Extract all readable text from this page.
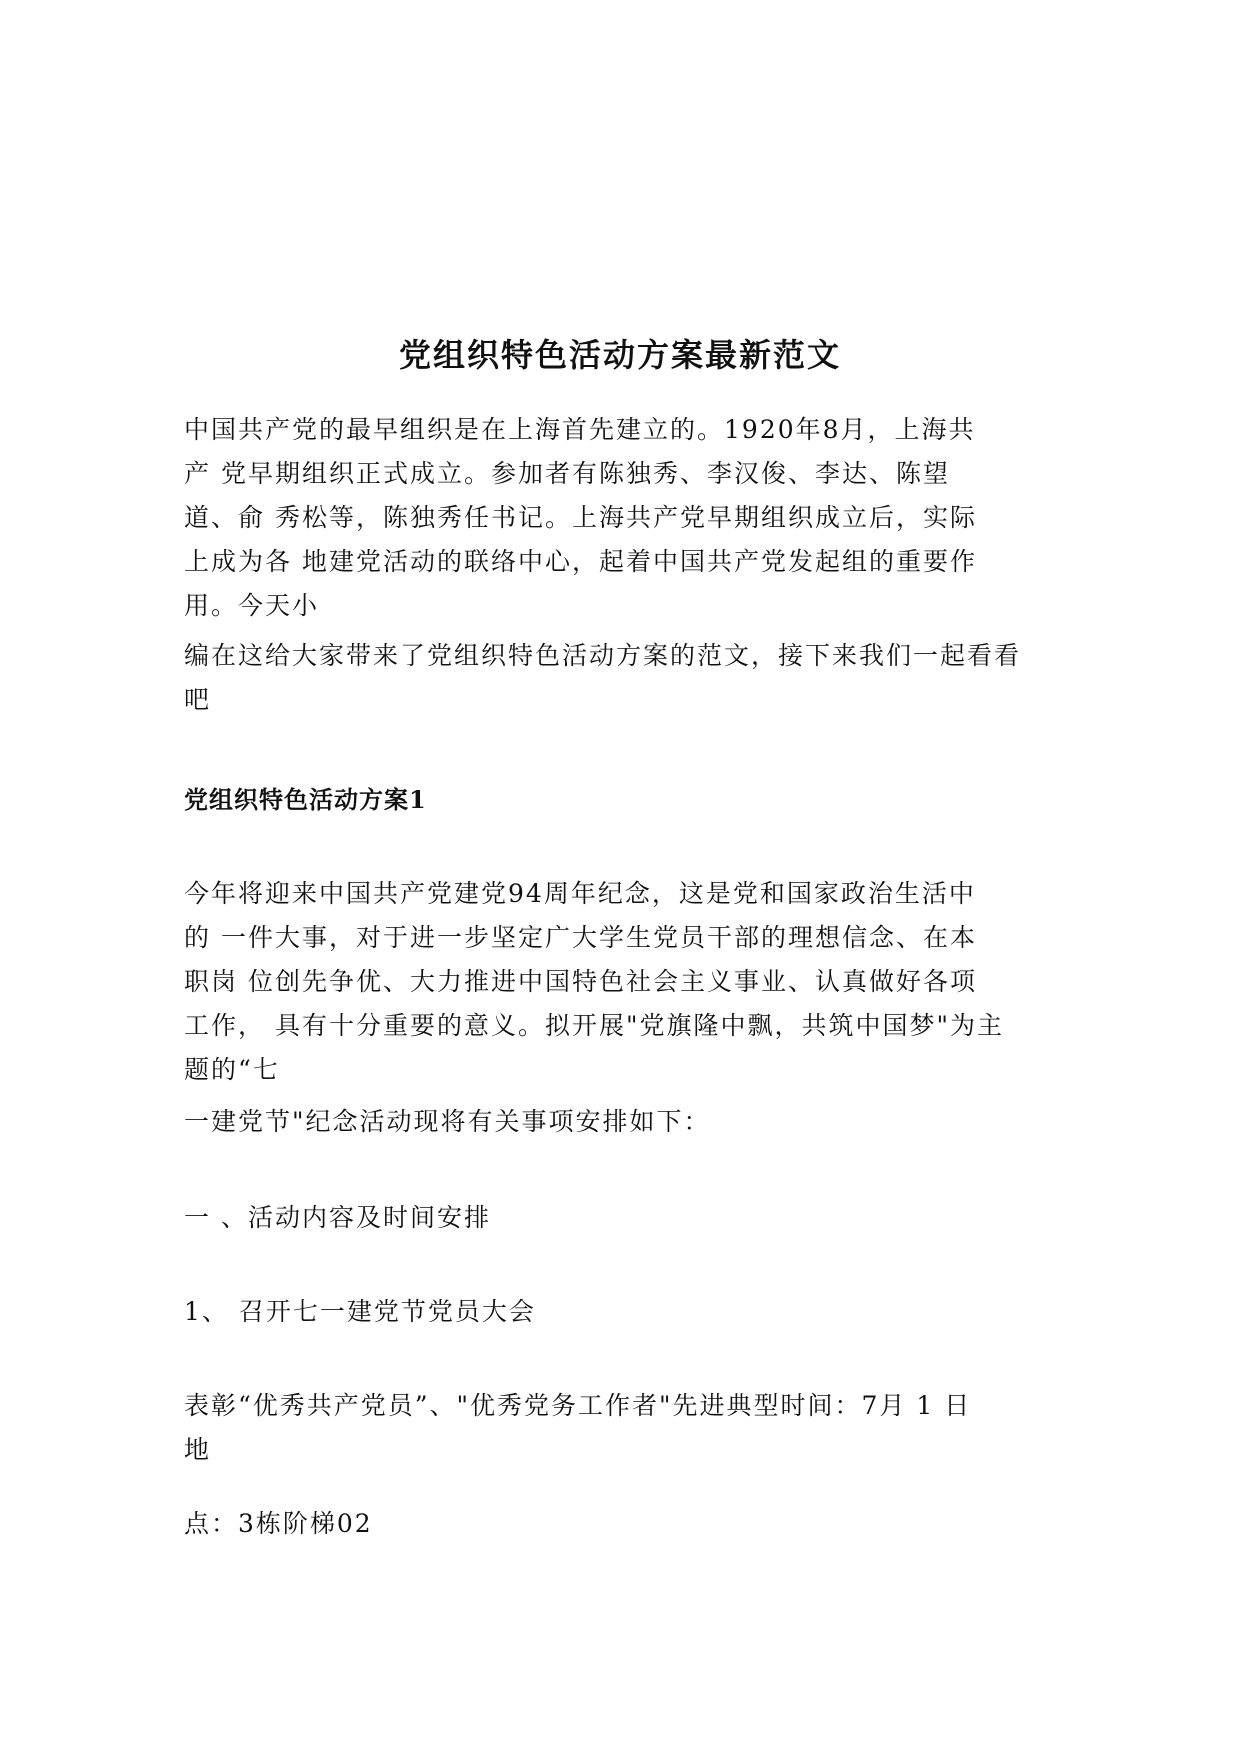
党组织特色活动方案最新范文

中国共产党的最早组织是在上海首先建立的。1920年8月，上海共
产 党早期组织正式成立。参加者有陈独秀、李汉俊、李达、陈望
道、俞 秀松等，陈独秀任书记。上海共产党早期组织成立后，实际
上成为各 地建党活动的联络中心，起着中国共产党发起组的重要作
用。今天小

编在这给大家带来了党组织特色活动方案的范文，接下来我们一起看看
吧

党组织特色活动方案1

今年将迎来中国共产党建党94周年纪念，这是党和国家政治生活中
的 一件大事，对于进一步坚定广大学生党员干部的理想信念、在本
职岗 位创先争优、大力推进中国特色社会主义事业、认真做好各项
工作， 具有十分重要的意义。拟开展"党旗隆中飘，共筑中国梦"为主
题的“七

一建党节"纪念活动现将有关事项安排如下：

一 、活动内容及时间安排

1、 召开七一建党节党员大会

表彰“优秀共产党员”、"优秀党务工作者"先进典型时间：7月 1 日
地

点：3栋阶梯02
